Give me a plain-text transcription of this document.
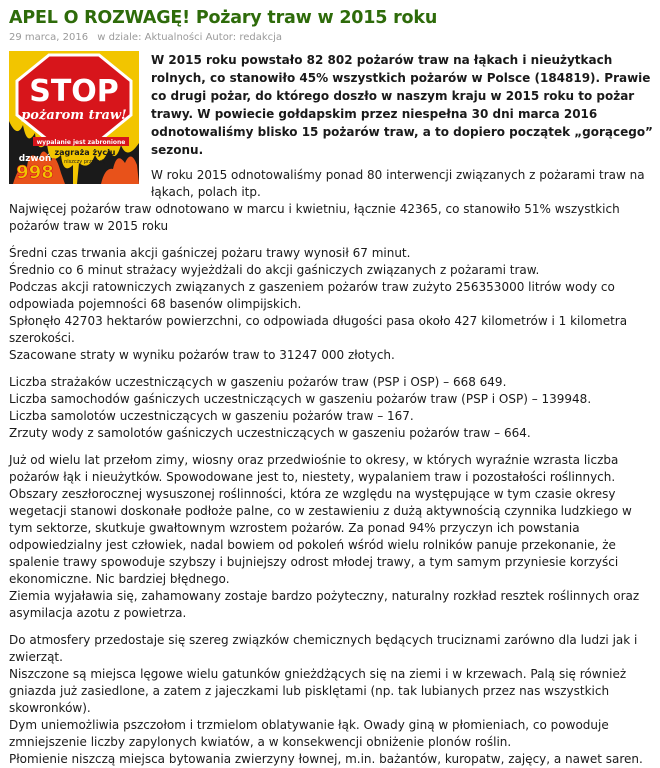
APEL O ROZWAGĘ! Pożary traw w 2015 roku
29 marca, 2016 w dziale: Aktualności Autor: redakcja
STOP
pożarom traw!
wypalanie jest zabronione
zagraża życiu
niszczy przyrodę
dzwoń
998

W 2015 roku powstało 82 802 pożarów traw na łąkach i nieużytkach rolnych, co stanowiło 45% wszystkich pożarów w Polsce (184819). Prawie co drugi pożar, do którego doszło w naszym kraju w 2015 roku to pożar trawy. W powiecie gołdapskim przez niespełna 30 dni marca 2016 odnotowaliśmy blisko 15 pożarów traw, a to dopiero początek „gorącego” sezonu.

W roku 2015 odnotowaliśmy ponad 80 interwencji związanych z pożarami traw na łąkach, polach itp.

Najwięcej pożarów traw odnotowano w marcu i kwietniu, łącznie 42365, co stanowiło 51% wszystkich pożarów traw w 2015 roku

Średni czas trwania akcji gaśniczej pożaru trawy wynosił 67 minut.

Średnio co 6 minut strażacy wyjeżdżali do akcji gaśniczych związanych z pożarami traw.

Podczas akcji ratowniczych związanych z gaszeniem pożarów traw zużyto 256353000 litrów wody co odpowiada pojemności 68 basenów olimpijskich.

Spłonęło 42703 hektarów powierzchni, co odpowiada długości pasa około 427 kilometrów i 1 kilometra szerokości.

Szacowane straty w wyniku pożarów traw to 31247 000 złotych.

Liczba strażaków uczestniczących w gaszeniu pożarów traw (PSP i OSP) – 668 649.

Liczba samochodów gaśniczych uczestniczących w gaszeniu pożarów traw (PSP i OSP) – 139948.

Liczba samolotów uczestniczących w gaszeniu pożarów traw – 167.

Zrzuty wody z samolotów gaśniczych uczestniczących w gaszeniu pożarów traw – 664.

Już od wielu lat przełom zimy, wiosny oraz przedwiośnie to okresy, w których wyraźnie wzrasta liczba pożarów łąk i nieużytków. Spowodowane jest to, niestety, wypalaniem traw i pozostałości roślinnych. Obszary zeszłorocznej wysuszonej roślinności, która ze względu na występujące w tym czasie okresy wegetacji stanowi doskonałe podłoże palne, co w zestawieniu z dużą aktywnością czynnika ludzkiego w tym sektorze, skutkuje gwałtownym wzrostem pożarów. Za ponad 94% przyczyn ich powstania odpowiedzialny jest człowiek, nadal bowiem od pokoleń wśród wielu rolników panuje przekonanie, że spalenie trawy spowoduje szybszy i bujniejszy odrost młodej trawy, a tym samym przyniesie korzyści ekonomiczne. Nic bardziej błędnego.

Ziemia wyjaławia się, zahamowany zostaje bardzo pożyteczny, naturalny rozkład resztek roślinnych oraz asymilacja azotu z powietrza.

Do atmosfery przedostaje się szereg związków chemicznych będących truciznami zarówno dla ludzi jak i zwierząt.

Niszczone są miejsca lęgowe wielu gatunków gnieżdżących się na ziemi i w krzewach. Palą się również gniazda już zasiedlone, a zatem z jajeczkami lub pisklętami (np. tak lubianych przez nas wszystkich skowronków).

Dym uniemożliwia pszczołom i trzmielom oblatywanie łąk. Owady giną w płomieniach, co powoduje zmniejszenie liczby zapylonych kwiatów, a w konsekwencji obniżenie plonów roślin.

Płomienie niszczą miejsca bytowania zwierzyny łownej, m.in. bażantów, kuropatw, zajęcy, a nawet saren.
